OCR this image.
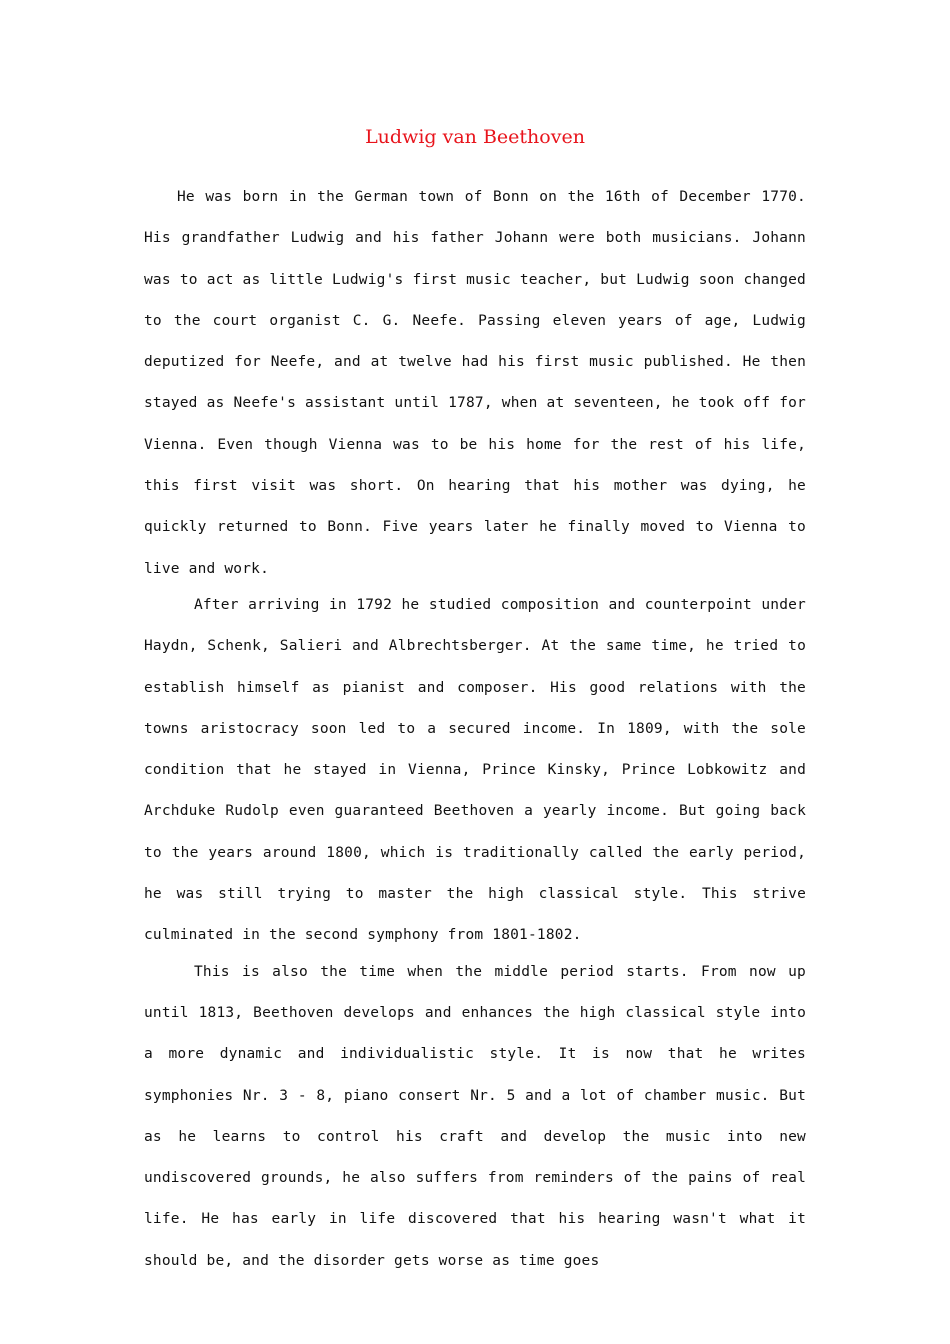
Ludwig van Beethoven

He was born in the German town of Bonn on the 16th of December 1770. His grandfather Ludwig and his father Johann were both musicians. Johann was to act as little Ludwig's first music teacher, but Ludwig soon changed to the court organist C. G. Neefe. Passing eleven years of age, Ludwig deputized for Neefe, and at twelve had his first music published. He then stayed as Neefe's assistant until 1787, when at seventeen, he took off for Vienna. Even though Vienna was to be his home for the rest of his life, this first visit was short. On hearing that his mother was dying, he quickly returned to Bonn. Five years later he finally moved to Vienna to live and work.

After arriving in 1792 he studied composition and counterpoint under Haydn, Schenk, Salieri and Albrechtsberger. At the same time, he tried to establish himself as pianist and composer. His good relations with the towns aristocracy soon led to a secured income. In 1809, with the sole condition that he stayed in Vienna, Prince Kinsky, Prince Lobkowitz and Archduke Rudolp even guaranteed Beethoven a yearly income. But going back to the years around 1800, which is traditionally called the early period, he was still trying to master the high classical style. This strive culminated in the second symphony from 1801-1802.

This is also the time when the middle period starts. From now up until 1813, Beethoven develops and enhances the high classical style into a more dynamic and individualistic style. It is now that he writes symphonies Nr. 3 - 8, piano consert Nr. 5 and a lot of chamber music. But as he learns to control his craft and develop the music into new undiscovered grounds, he also suffers from reminders of the pains of real life. He has early in life discovered that his hearing wasn't what it should be, and the disorder gets worse as time goes
